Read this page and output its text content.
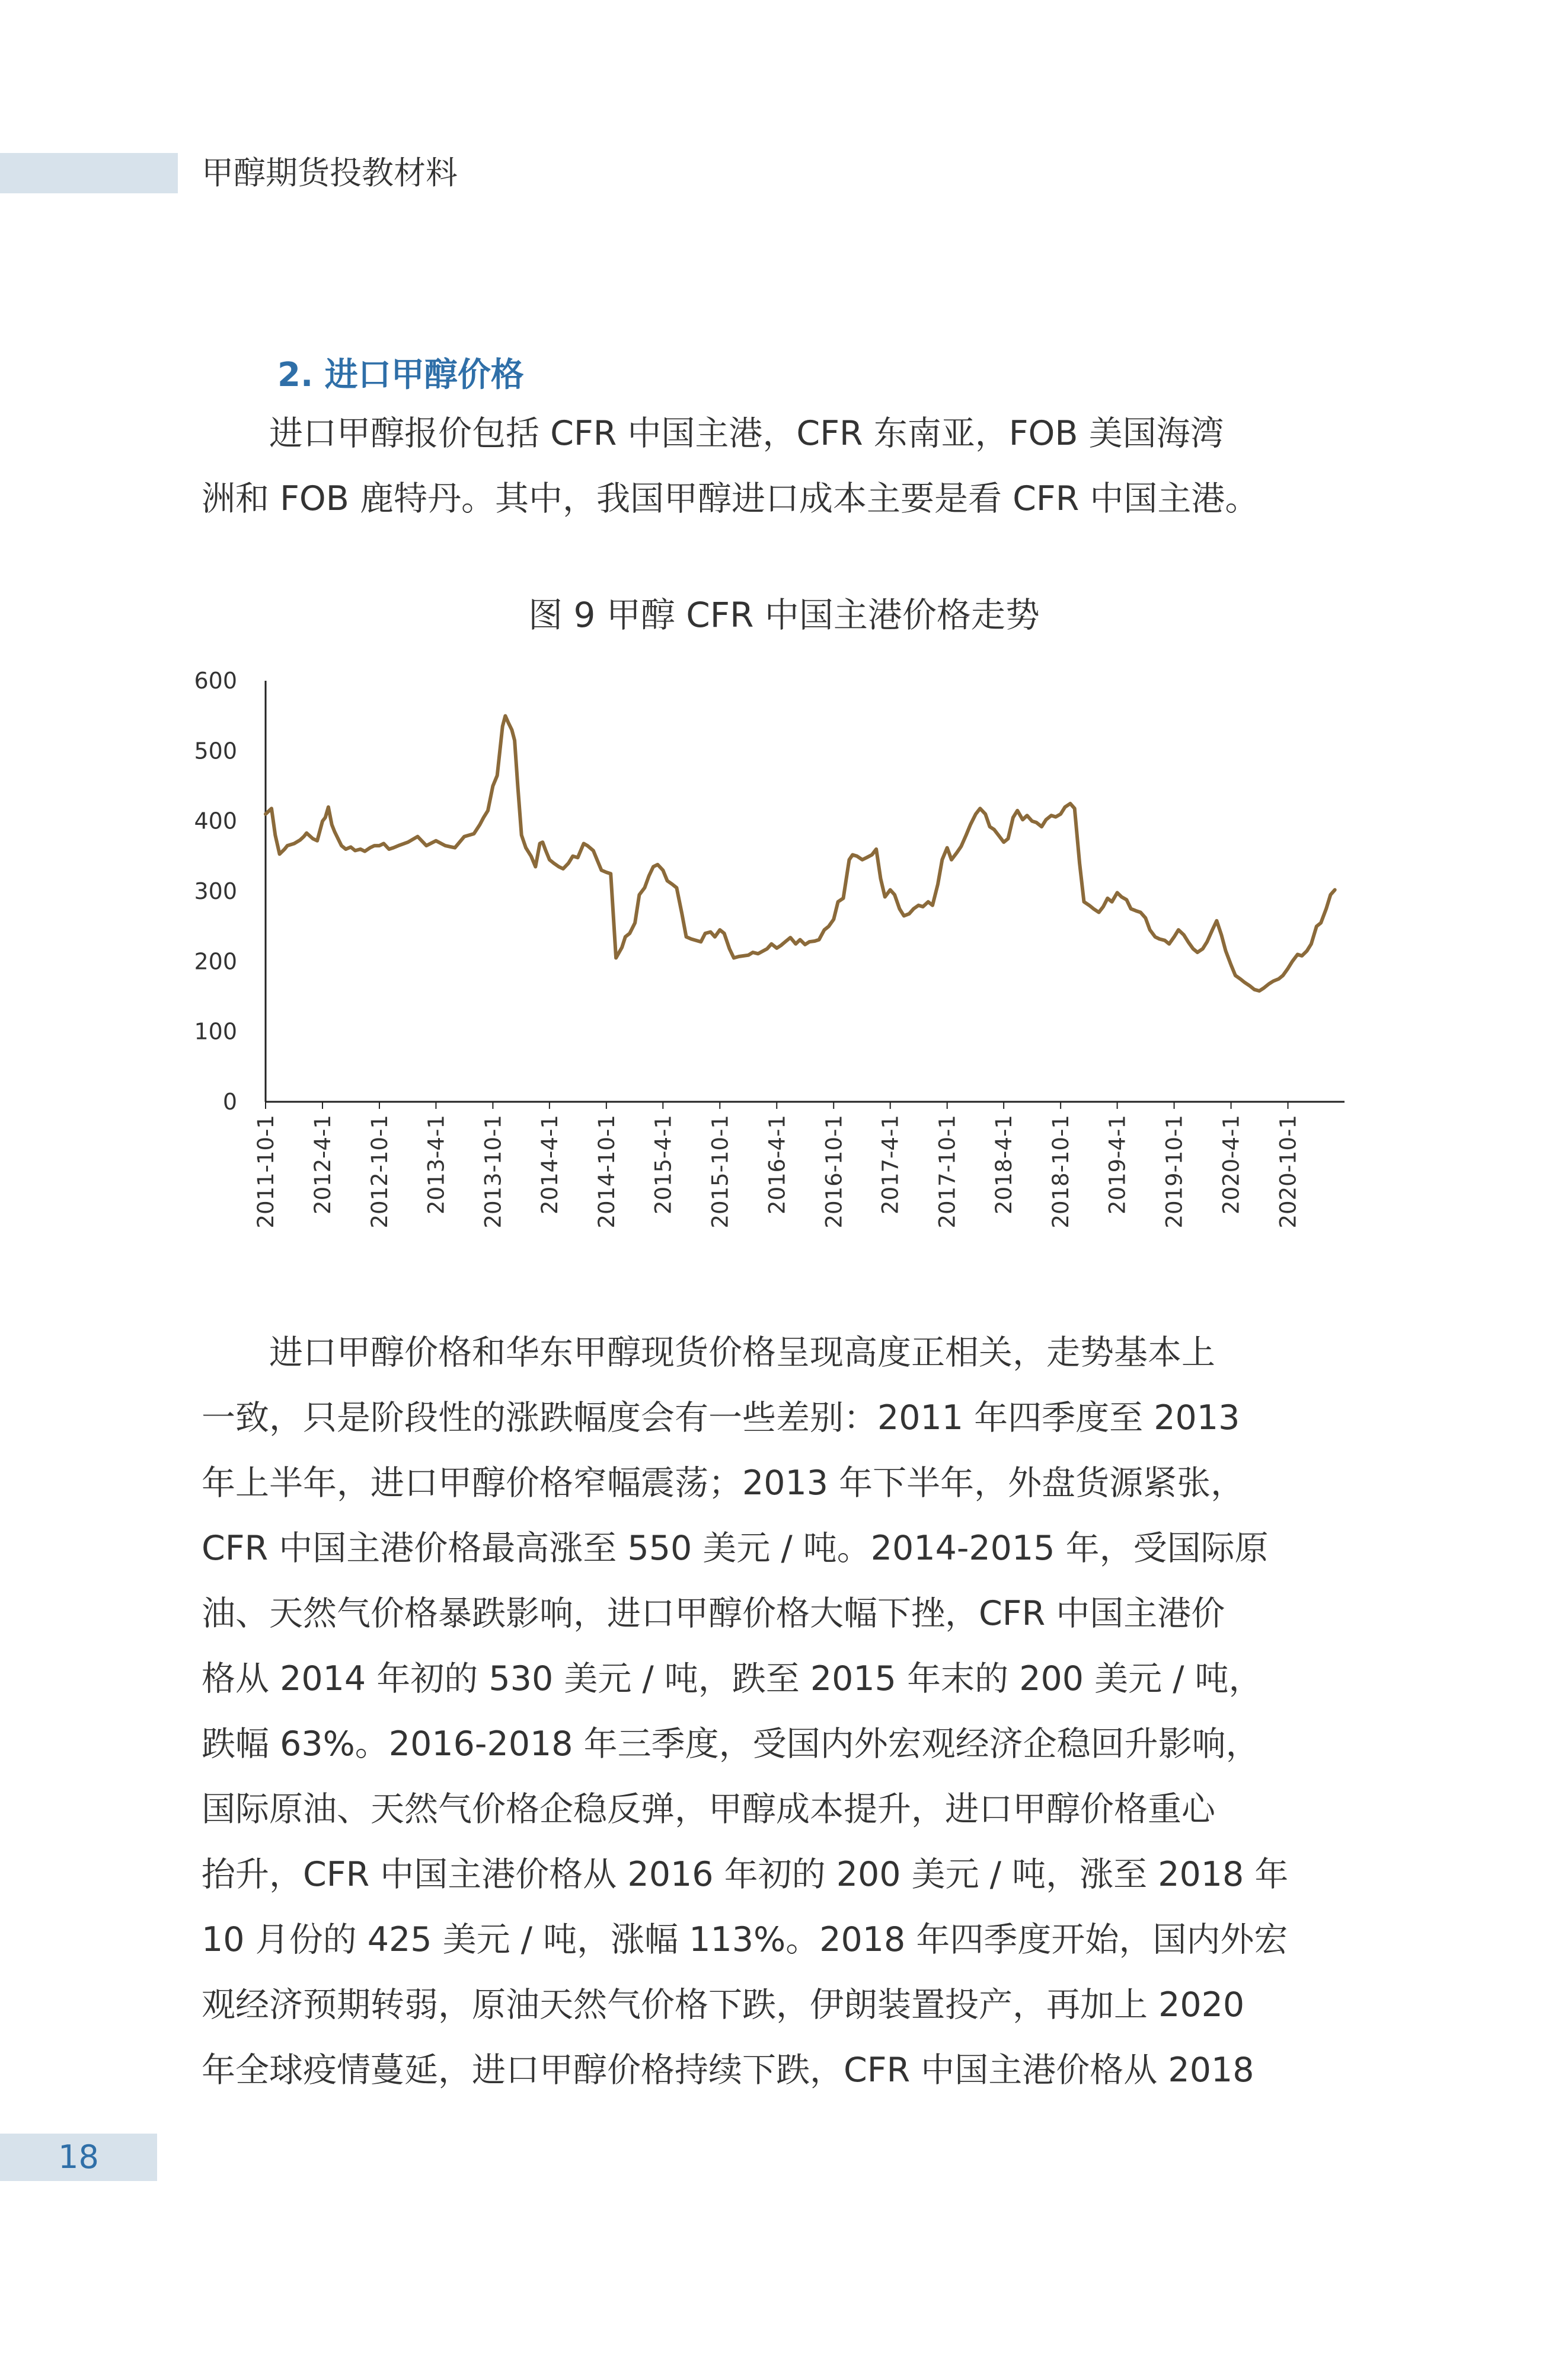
甲醇期货投教材料
2. 进口甲醇价格

　　进口甲醇报价包括 CFR 中国主港，CFR 东南亚，FOB 美国海湾

洲和 FOB 鹿特丹。其中，我国甲醇进口成本主要是看 CFR 中国主港。

图 9 甲醇 CFR 中国主港价格走势
600
500
400
300
200
100
0
2011-10-1 2012-4-1 2012-10-1 2013-4-1 2013-10-1 2014-4-1 2014-10-1 2015-4-1 2015-10-1 2016-4-1 2016-10-1 2017-4-1 2017-10-1 2018-4-1 2018-10-1 2019-4-1 2019-10-1 2020-4-1 2020-10-1

　　进口甲醇价格和华东甲醇现货价格呈现高度正相关，走势基本上

一致，只是阶段性的涨跌幅度会有一些差别：2011 年四季度至 2013

年上半年，进口甲醇价格窄幅震荡；2013 年下半年，外盘货源紧张，

CFR 中国主港价格最高涨至 550 美元 / 吨。2014-2015 年，受国际原

油、天然气价格暴跌影响，进口甲醇价格大幅下挫，CFR 中国主港价

格从 2014 年初的 530 美元 / 吨，跌至 2015 年末的 200 美元 / 吨，

跌幅 63%。2016-2018 年三季度，受国内外宏观经济企稳回升影响，

国际原油、天然气价格企稳反弹，甲醇成本提升，进口甲醇价格重心

抬升，CFR 中国主港价格从 2016 年初的 200 美元 / 吨，涨至 2018 年

10 月份的 425 美元 / 吨，涨幅 113%。2018 年四季度开始，国内外宏

观经济预期转弱，原油天然气价格下跌，伊朗装置投产，再加上 2020

年全球疫情蔓延，进口甲醇价格持续下跌，CFR 中国主港价格从 2018

18
